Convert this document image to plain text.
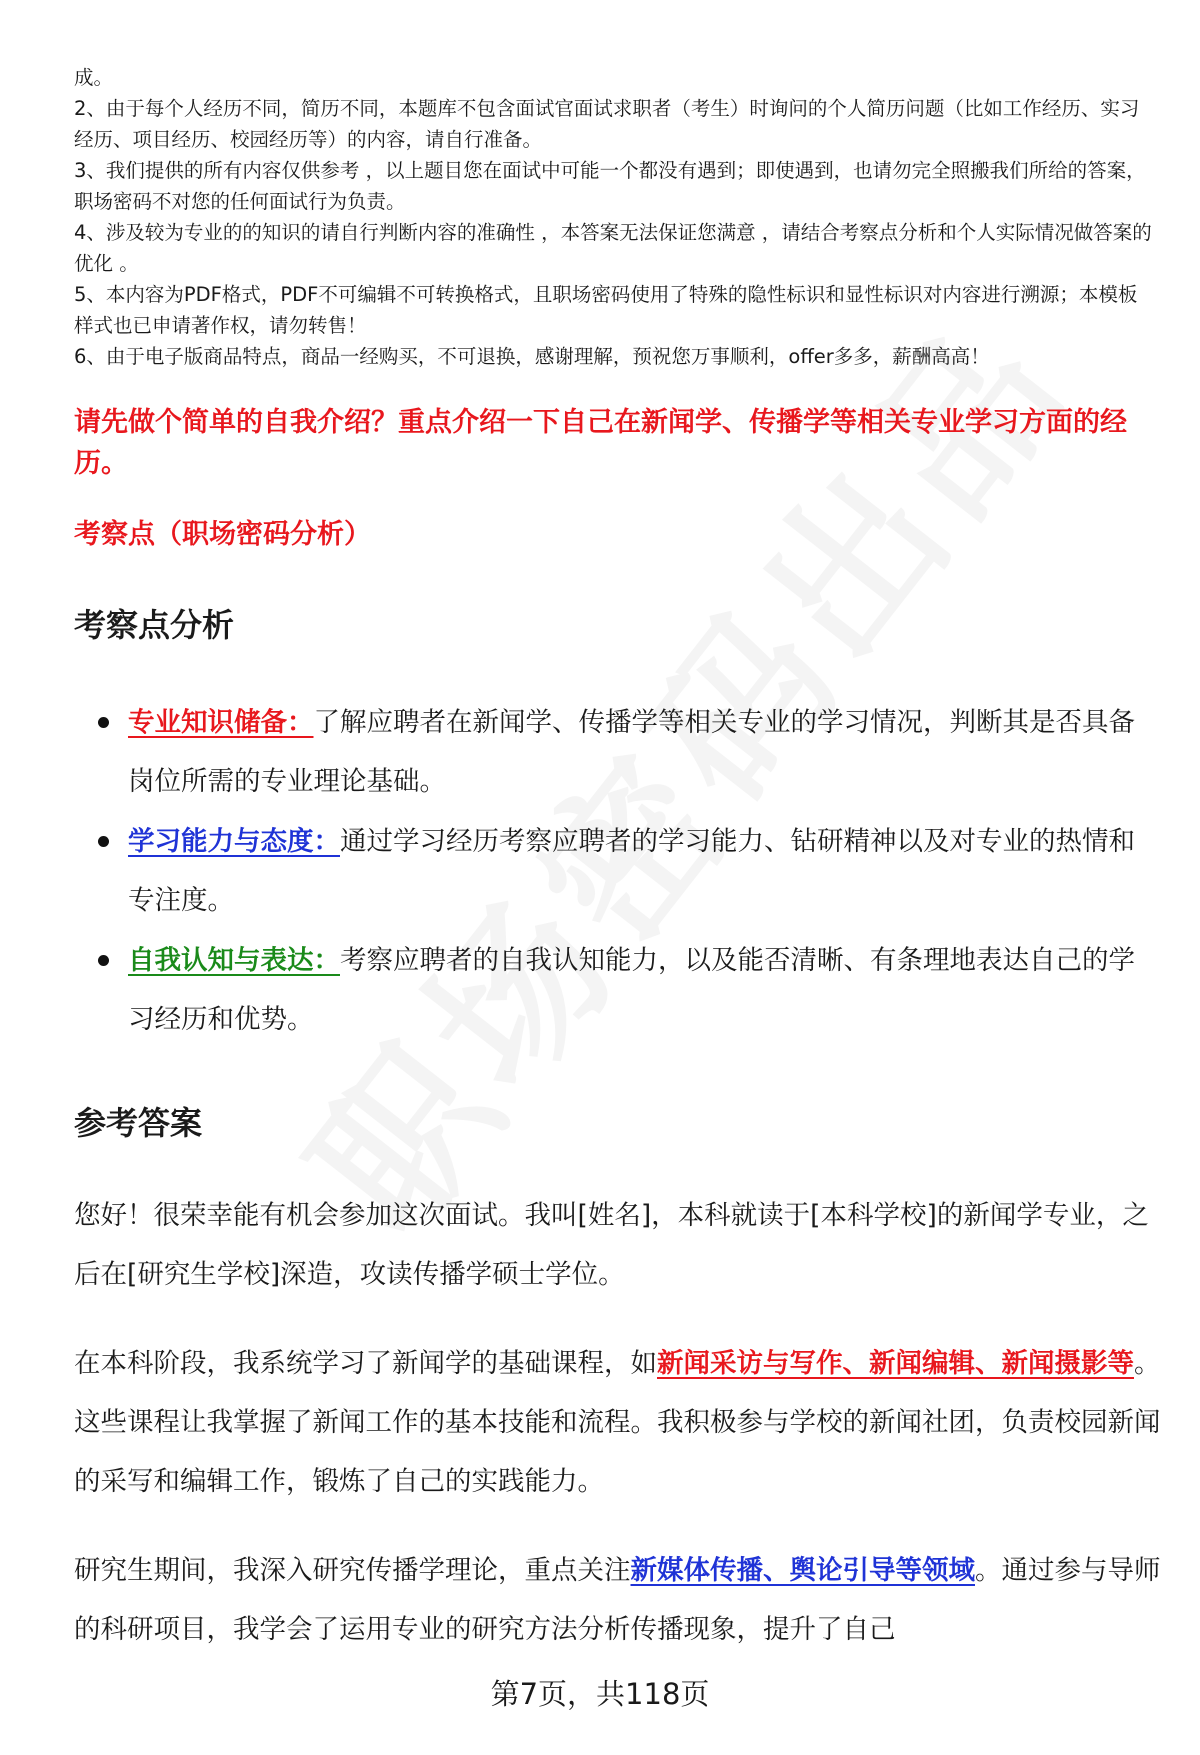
成。

2、由于每个人经历不同，简历不同，本题库不包含面试官面试求职者（考生）时询问的个人简历问题（比如工作经历、实习经历、项目经历、校园经历等）的内容，请自行准备。

3、我们提供的所有内容仅供参考 ，以上题目您在面试中可能一个都没有遇到；即使遇到，也请勿完全照搬我们所给的答案，职场密码不对您的任何面试行为负责。

4、涉及较为专业的的知识的请自行判断内容的准确性 ，本答案无法保证您满意 ，请结合考察点分析和个人实际情况做答案的优化 。

5、本内容为PDF格式，PDF不可编辑不可转换格式，且职场密码使用了特殊的隐性标识和显性标识对内容进行溯源；本模板样式也已申请著作权，请勿转售！

6、由于电子版商品特点，商品一经购买，不可退换，感谢理解，预祝您万事顺利，offer多多，薪酬高高！

请先做个简单的自我介绍？重点介绍一下自己在新闻学、传播学等相关专业学习方面的经历。
考察点（职场密码分析）
考察点分析
专业知识储备：了解应聘者在新闻学、传播学等相关专业的学习情况，判断其是否具备岗位所需的专业理论基础。
学习能力与态度：通过学习经历考察应聘者的学习能力、钻研精神以及对专业的热情和专注度。
自我认知与表达：考察应聘者的自我认知能力，以及能否清晰、有条理地表达自己的学习经历和优势。
参考答案

您好！很荣幸能有机会参加这次面试。我叫[姓名]，本科就读于[本科学校]的新闻学专业，之后在[研究生学校]深造，攻读传播学硕士学位。

在本科阶段，我系统学习了新闻学的基础课程，如新闻采访与写作、新闻编辑、新闻摄影等。这些课程让我掌握了新闻工作的基本技能和流程。我积极参与学校的新闻社团，负责校园新闻的采写和编辑工作，锻炼了自己的实践能力。

研究生期间，我深入研究传播学理论，重点关注新媒体传播、舆论引导等领域。通过参与导师的科研项目，我学会了运用专业的研究方法分析传播现象，提升了自己

第7页，共118页
